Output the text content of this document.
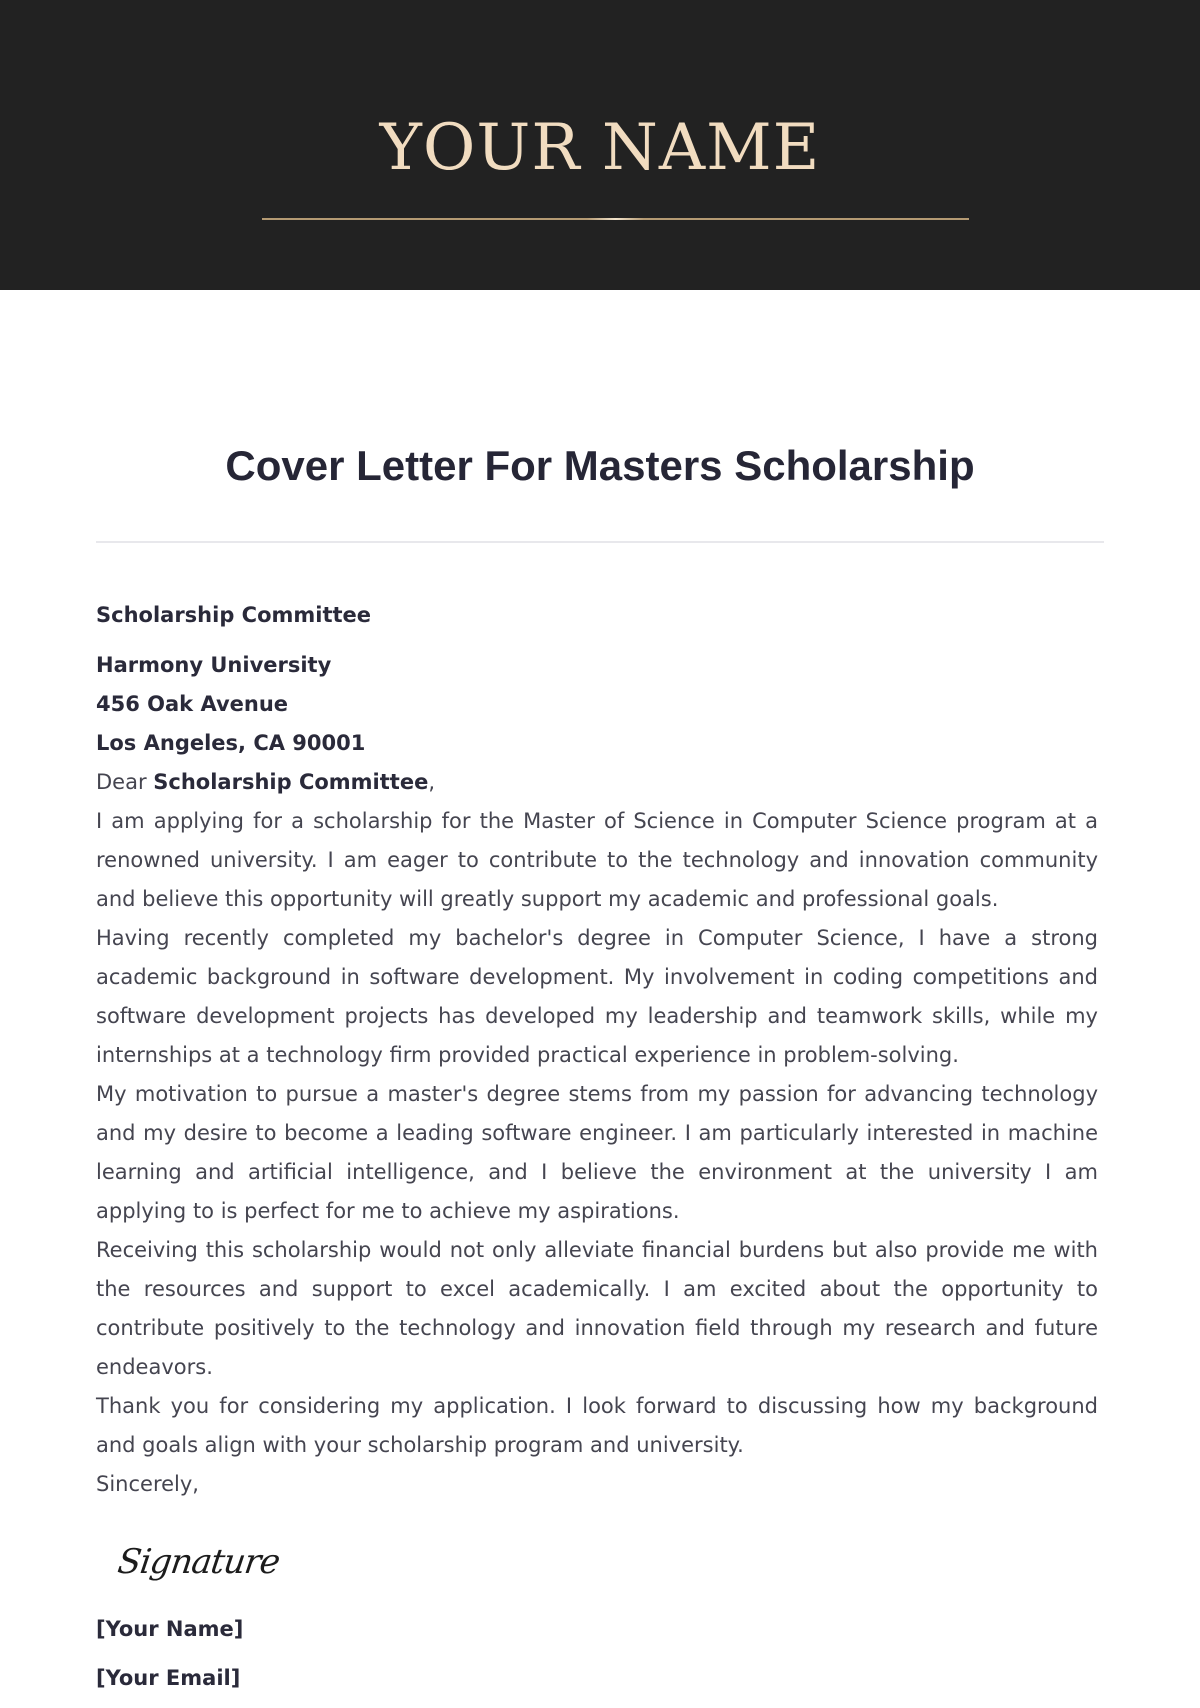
YOUR NAME
Cover Letter For Masters Scholarship
Scholarship Committee
Harmony University
456 Oak Avenue
Los Angeles, CA 90001
Dear Scholarship Committee,

I am applying for a scholarship for the Master of Science in Computer Science program at a renowned university. I am eager to contribute to the technology and innovation community and believe this opportunity will greatly support my academic and professional goals.

Having recently completed my bachelor's degree in Computer Science, I have a strong academic background in software development. My involvement in coding competitions and software development projects has developed my leadership and teamwork skills, while my internships at a technology firm provided practical experience in problem-solving.

My motivation to pursue a master's degree stems from my passion for advancing technology and my desire to become a leading software engineer. I am particularly interested in machine learning and artificial intelligence, and I believe the environment at the university I am applying to is perfect for me to achieve my aspirations.

Receiving this scholarship would not only alleviate financial burdens but also provide me with the resources and support to excel academically. I am excited about the opportunity to contribute positively to the technology and innovation field through my research and future endeavors.

Thank you for considering my application. I look forward to discussing how my background and goals align with your scholarship program and university.

Sincerely,
Signature
[Your Name]
[Your Email]
